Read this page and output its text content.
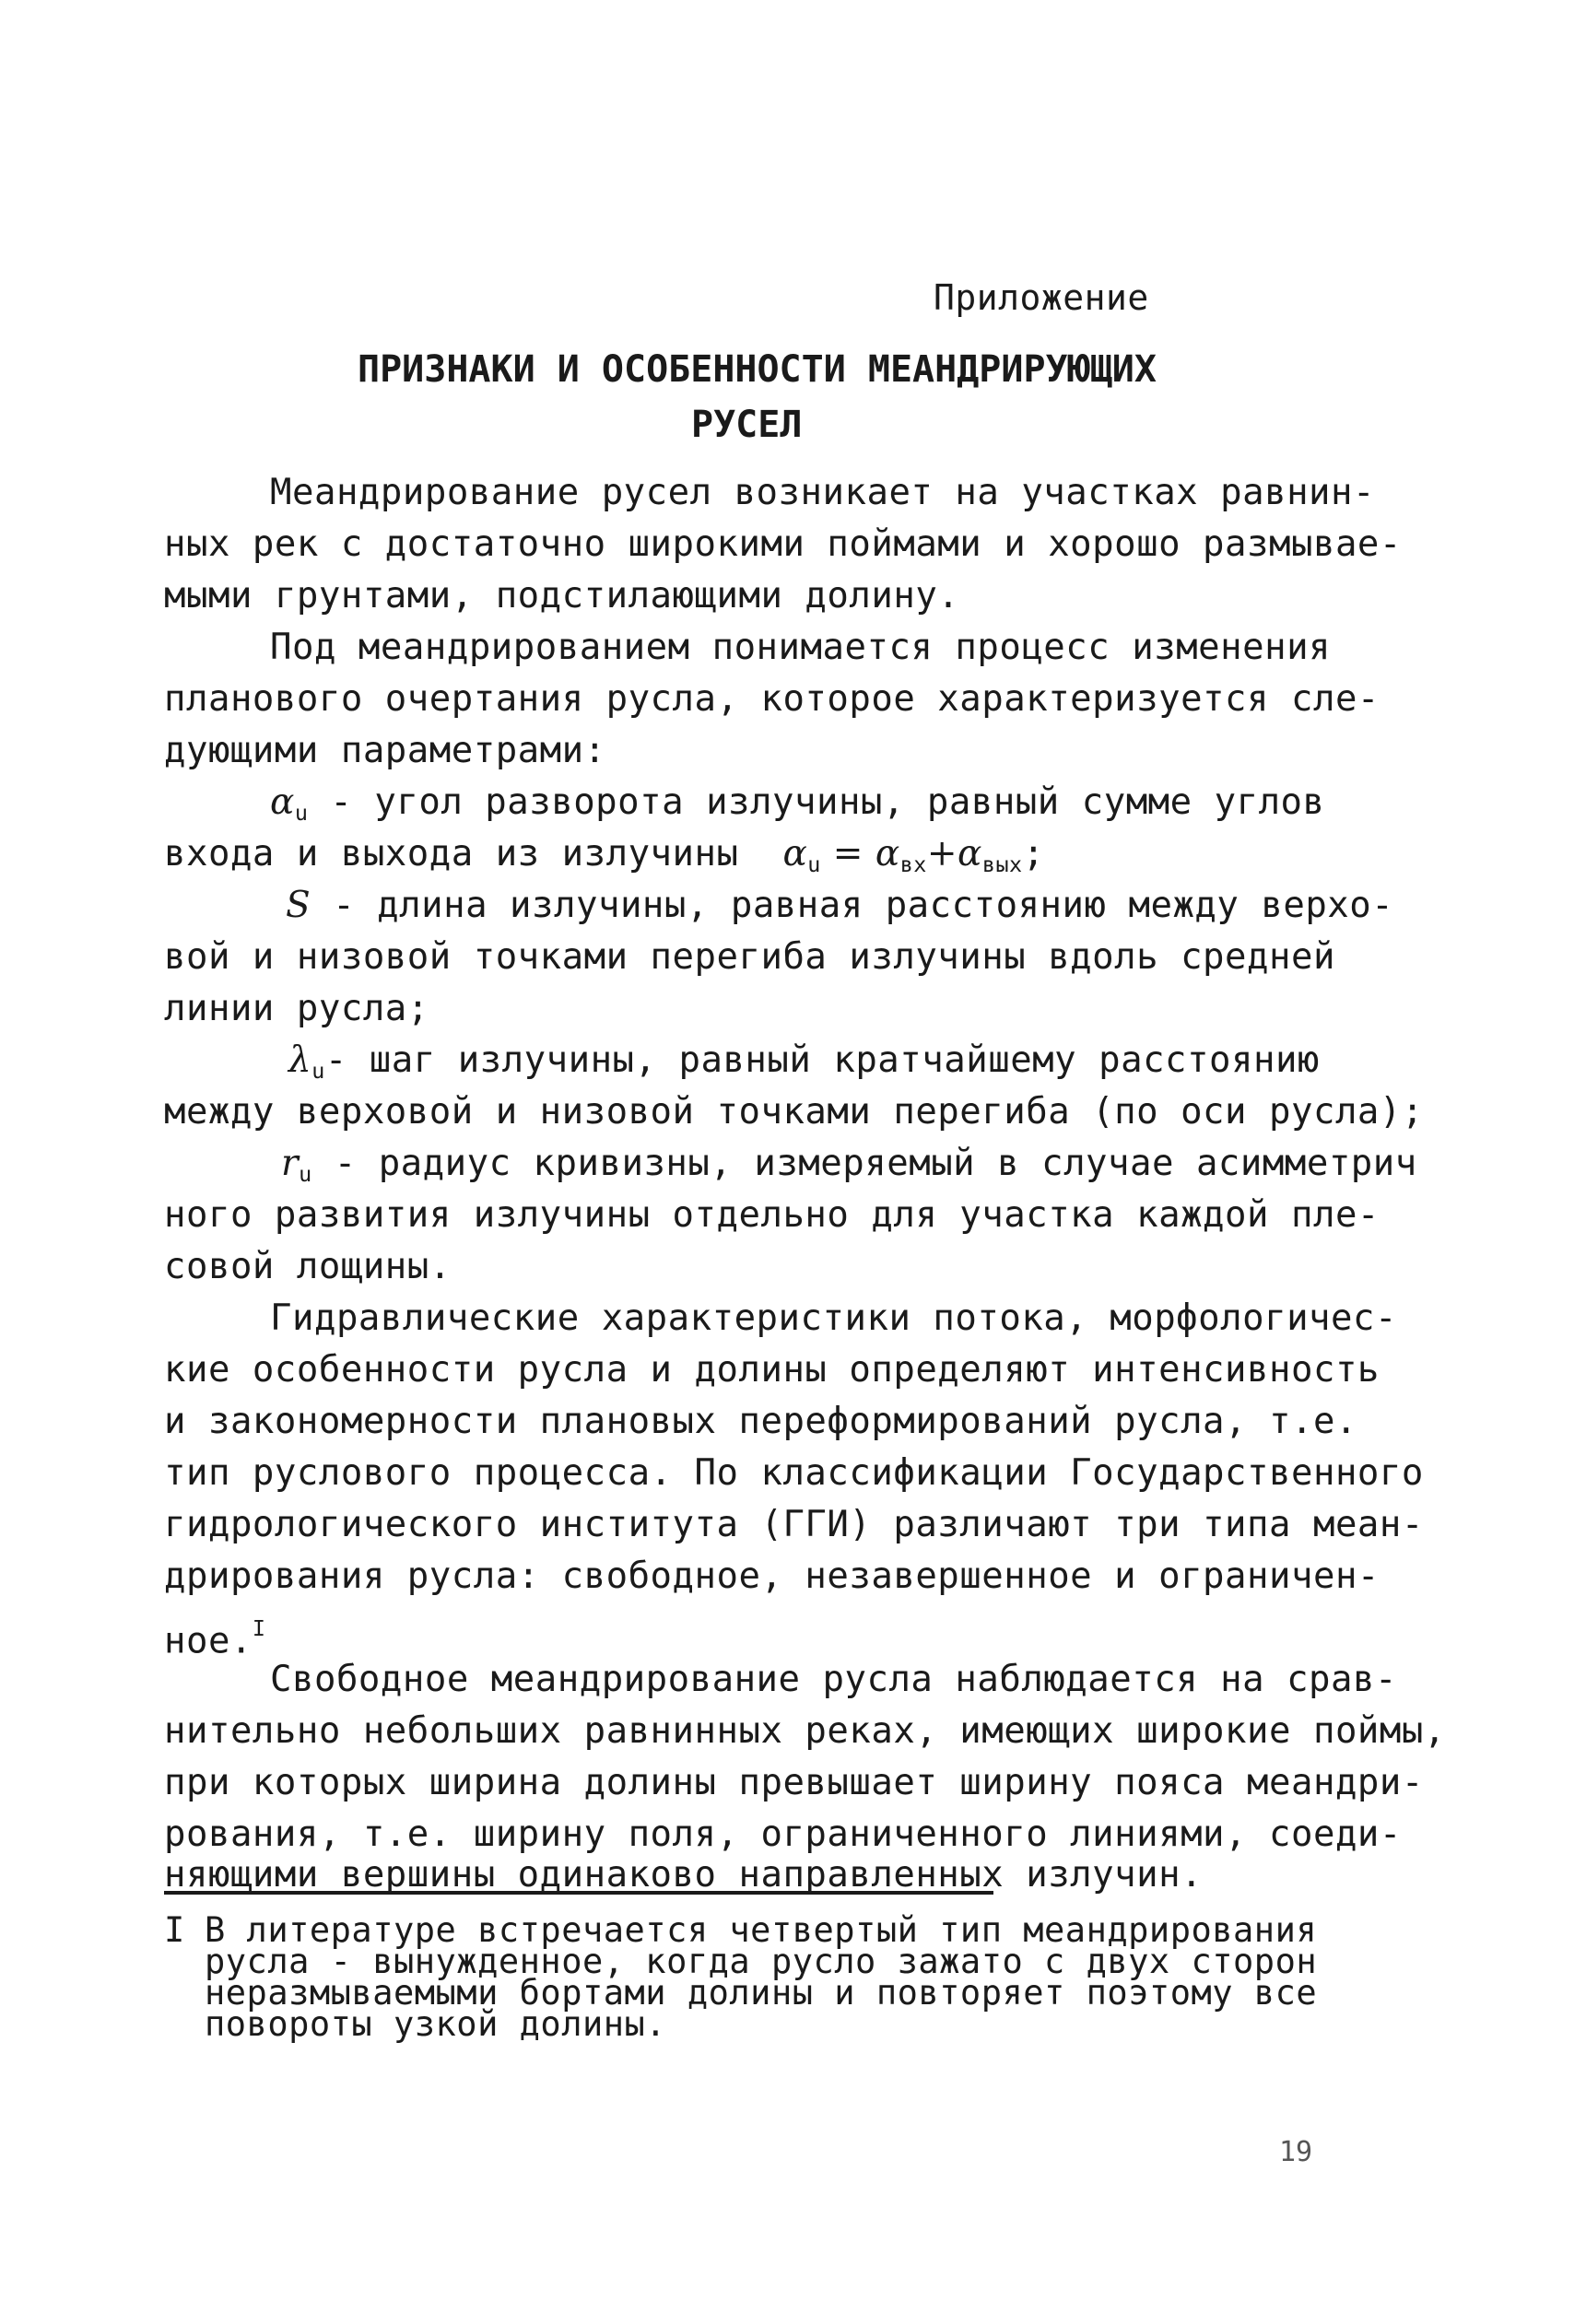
Приложение
ПРИЗНАКИ И ОСОБЕННОСТИ МЕАНДРИРУЮЩИХ
РУСЕЛ
Меандрирование русел возникает на участках равнин-
ных рек с достаточно широкими поймами и хорошо размывае-
мыми грунтами, подстилающими долину.
Под меандрированием понимается процесс изменения
планового очертания русла, которое характеризуется сле-
дующими параметрами:
$\alpha_u$ - угол разворота излучины, равный сумме углов
входа и выхода из излучины  $\alpha_u = \alpha_{вх}+\alpha_{вых}$;
S - длина излучины, равная расстоянию между верхо-
вой и низовой точками перегиба излучины вдоль средней
линии русла;
$\lambda_u-$ шаг излучины, равный кратчайшему расстоянию
между верховой и низовой точками перегиба (по оси русла);
$r_u$ - радиус кривизны, измеряемый в случае асимметрич
ного развития излучины отдельно для участка каждой пле-
совой лощины.
Гидравлические характеристики потока, морфологичес-
кие особенности русла и долины определяют интенсивность
и закономерности плановых переформирований русла, т.е.
тип руслового процесса. По классификации Государственного
гидрологического института (ГГИ) различают три типа меан-
дрирования русла: свободное, незавершенное и ограничен-
ное.$^I$
Свободное меандрирование русла наблюдается на срав-
нительно небольших равнинных реках, имеющих широкие поймы,
при которых ширина долины превышает ширину пояса меандри-
рования, т.е. ширину поля, ограниченного линиями, соеди-
няющими вершины одинаково направленных излучин.
I В литературе встречается четвертый тип меандрирования
русла - вынужденное, когда русло зажато с двух сторон
неразмываемыми бортами долины и повторяет поэтому все
повороты узкой долины.
19
